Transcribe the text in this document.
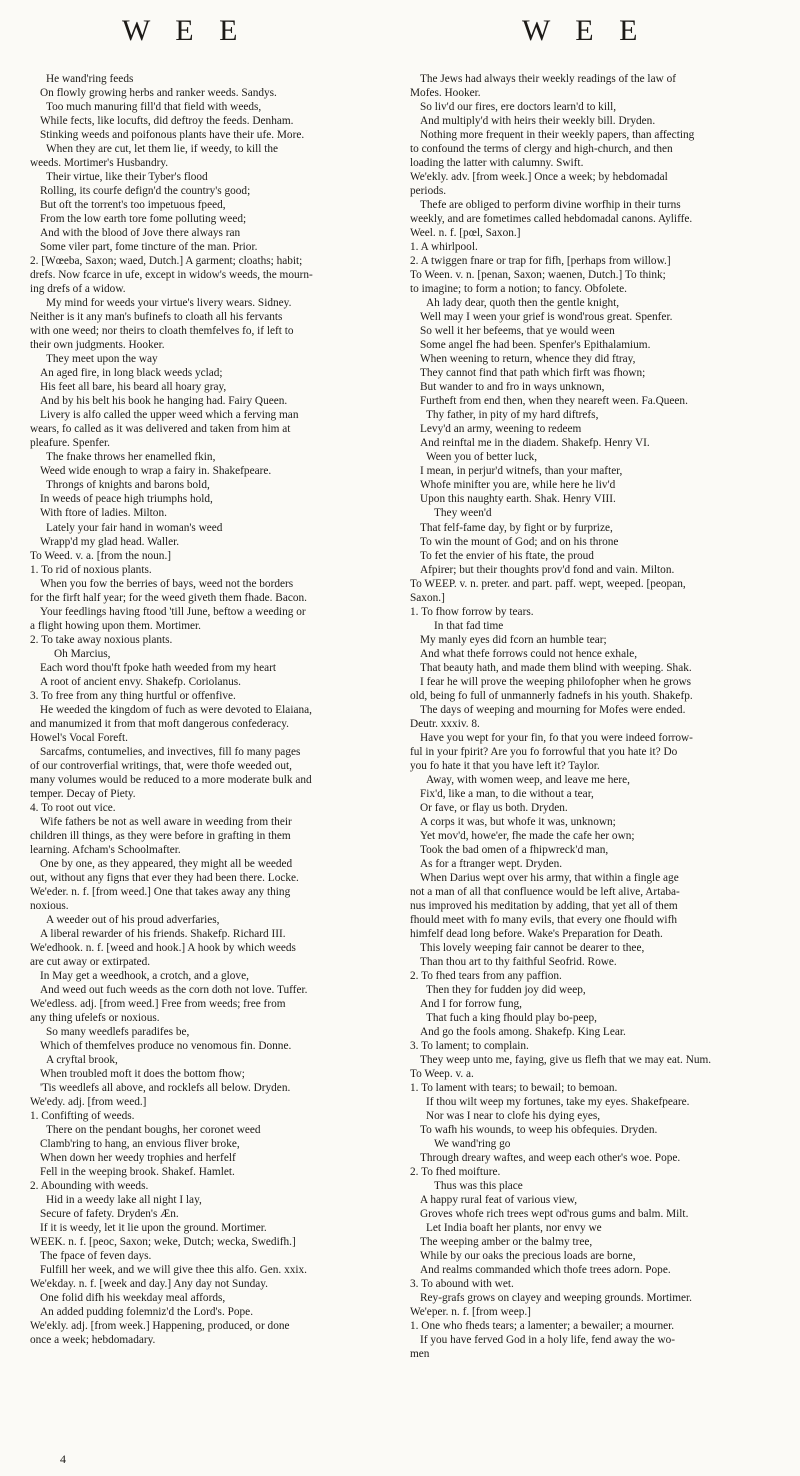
W E E	W E E
He wand'ring feeds
On flowly growing herbs and ranker weeds. Sandys.
Too much manuring fill'd that field with weeds,
While fects, like locufts, did deftroy the feeds. Denham.
Stinking weeds and poifonous plants have their ufe. More.
When they are cut, let them lie, if weedy, to kill the
weeds. Mortimer's Husbandry.
Their virtue, like their Tyber's flood
Rolling, its courfe defign'd the country's good;
But oft the torrent's too impetuous fpeed,
From the low earth tore fome polluting weed;
And with the blood of Jove there always ran
Some viler part, fome tincture of the man. Prior.
2. [Wœeba, Saxon; waed, Dutch.] A garment; cloaths; habit;
drefs. Now fcarce in ufe, except in widow's weeds, the mourn-
ing drefs of a widow.
My mind for weeds your virtue's livery wears. Sidney.
Neither is it any man's bufinefs to cloath all his fervants
with one weed; nor theirs to cloath themfelves fo, if left to
their own judgments. Hooker.
They meet upon the way
An aged fire, in long black weeds yclad;
His feet all bare, his beard all hoary gray,
And by his belt his book he hanging had. Fairy Queen.
Livery is alfo called the upper weed which a ferving man
wears, fo called as it was delivered and taken from him at
pleafure. Spenfer.
The fnake throws her enamelled fkin,
Weed wide enough to wrap a fairy in. Shakefpeare.
Throngs of knights and barons bold,
In weeds of peace high triumphs hold,
With ftore of ladies. Milton.
Lately your fair hand in woman's weed
Wrapp'd my glad head. Waller.
To Weed. v. a. [from the noun.]
1. To rid of noxious plants.
When you fow the berries of bays, weed not the borders
for the firft half year; for the weed giveth them fhade. Bacon.
Your feedlings having ftood 'till June, beftow a weeding or
a flight howing upon them. Mortimer.
2. To take away noxious plants.
Oh Marcius,
Each word thou'ft fpoke hath weeded from my heart
A root of ancient envy. Shakefp. Coriolanus.
3. To free from any thing hurtful or offenfive.
He weeded the kingdom of fuch as were devoted to Elaiana,
and manumized it from that moft dangerous confederacy.
Howel's Vocal Foreft.
Sarcafms, contumelies, and invectives, fill fo many pages
of our controverfial writings, that, were thofe weeded out,
many volumes would be reduced to a more moderate bulk and
temper. Decay of Piety.
4. To root out vice.
Wife fathers be not as well aware in weeding from their
children ill things, as they were before in grafting in them
learning. Afcham's Schoolmafter.
One by one, as they appeared, they might all be weeded
out, without any figns that ever they had been there. Locke.
We'eder. n. f. [from weed.] One that takes away any thing
noxious.
A weeder out of his proud adverfaries,
A liberal rewarder of his friends. Shakefp. Richard III.
We'edhook. n. f. [weed and hook.] A hook by which weeds
are cut away or extirpated.
In May get a weedhook, a crotch, and a glove,
And weed out fuch weeds as the corn doth not love. Tuffer.
We'edless. adj. [from weed.] Free from weeds; free from
any thing ufelefs or noxious.
So many weedlefs paradifes be,
Which of themfelves produce no venomous fin. Donne.
A cryftal brook,
When troubled moft it does the bottom fhow;
'Tis weedlefs all above, and rocklefs all below. Dryden.
We'edy. adj. [from weed.]
1. Confifting of weeds.
There on the pendant boughs, her coronet weed
Clamb'ring to hang, an envious fliver broke,
When down her weedy trophies and herfelf
Fell in the weeping brook. Shakef. Hamlet.
2. Abounding with weeds.
Hid in a weedy lake all night I lay,
Secure of fafety. Dryden's Æn.
If it is weedy, let it lie upon the ground. Mortimer.
WEEK. n. f. [peoc, Saxon; weke, Dutch; wecka, Swedifh.]
The fpace of feven days.
Fulfill her week, and we will give thee this alfo. Gen. xxix.
We'ekday. n. f. [week and day.] Any day not Sunday.
One folid difh his weekday meal affords,
An added pudding folemniz'd the Lord's. Pope.
We'ekly. adj. [from week.] Happening, produced, or done
once a week; hebdomadary.
The Jews had always their weekly readings of the law of
Mofes. Hooker.
So liv'd our fires, ere doctors learn'd to kill,
And multiply'd with heirs their weekly bill. Dryden.
Nothing more frequent in their weekly papers, than affecting
to confound the terms of clergy and high-church, and then
loading the latter with calumny. Swift.
We'ekly. adv. [from week.] Once a week; by hebdomadal
periods.
Thefe are obliged to perform divine worfhip in their turns
weekly, and are fometimes called hebdomadal canons. Ayliffe.
Weel. n. f. [pœl, Saxon.]
1. A whirlpool.
2. A twiggen fnare or trap for fifh, [perhaps from willow.]
To Ween. v. n. [penan, Saxon; waenen, Dutch.] To think;
to imagine; to form a notion; to fancy. Obfolete.
Ah lady dear, quoth then the gentle knight,
Well may I ween your grief is wond'rous great. Spenfer.
So well it her befeems, that ye would ween
Some angel fhe had been. Spenfer's Epithalamium.
When weening to return, whence they did ftray,
They cannot find that path which firft was fhown;
But wander to and fro in ways unknown,
Furtheft from end then, when they neareft ween. Fa.Queen.
Thy father, in pity of my hard diftrefs,
Levy'd an army, weening to redeem
And reinftal me in the diadem. Shakefp. Henry VI.
Ween you of better luck,
I mean, in perjur'd witnefs, than your mafter,
Whofe minifter you are, while here he liv'd
Upon this naughty earth. Shak. Henry VIII.
They ween'd
That felf-fame day, by fight or by furprize,
To win the mount of God; and on his throne
To fet the envier of his ftate, the proud
Afpirer; but their thoughts prov'd fond and vain. Milton.
To WEEP. v. n. preter. and part. paff. wept, weeped. [peopan,
Saxon.]
1. To fhow forrow by tears.
In that fad time
My manly eyes did fcorn an humble tear;
And what thefe forrows could not hence exhale,
That beauty hath, and made them blind with weeping. Shak.
I fear he will prove the weeping philofopher when he grows
old, being fo full of unmannerly fadnefs in his youth. Shakefp.
The days of weeping and mourning for Mofes were ended.
Deutr. xxxiv. 8.
Have you wept for your fin, fo that you were indeed forrow-
ful in your fpirit? Are you fo forrowful that you hate it? Do
you fo hate it that you have left it? Taylor.
Away, with women weep, and leave me here,
Fix'd, like a man, to die without a tear,
Or fave, or flay us both. Dryden.
A corps it was, but whofe it was, unknown;
Yet mov'd, howe'er, fhe made the cafe her own;
Took the bad omen of a fhipwreck'd man,
As for a ftranger wept. Dryden.
When Darius wept over his army, that within a fingle age
not a man of all that confluence would be left alive, Artaba-
nus improved his meditation by adding, that yet all of them
fhould meet with fo many evils, that every one fhould wifh
himfelf dead long before. Wake's Preparation for Death.
This lovely weeping fair cannot be dearer to thee,
Than thou art to thy faithful Seofrid. Rowe.
2. To fhed tears from any paffion.
Then they for fudden joy did weep,
And I for forrow fung,
That fuch a king fhould play bo-peep,
And go the fools among. Shakefp. King Lear.
3. To lament; to complain.
They weep unto me, faying, give us flefh that we may eat. Num.
To Weep. v. a.
1. To lament with tears; to bewail; to bemoan.
If thou wilt weep my fortunes, take my eyes. Shakefpeare.
Nor was I near to clofe his dying eyes,
To wafh his wounds, to weep his obfequies. Dryden.
We wand'ring go
Through dreary waftes, and weep each other's woe. Pope.
2. To fhed moifture.
Thus was this place
A happy rural feat of various view,
Groves whofe rich trees wept od'rous gums and balm. Milt.
Let India boaft her plants, nor envy we
The weeping amber or the balmy tree,
While by our oaks the precious loads are borne,
And realms commanded which thofe trees adorn. Pope.
3. To abound with wet.
Rey-grafs grows on clayey and weeping grounds. Mortimer.
We'eper. n. f. [from weep.]
1. One who fheds tears; a lamenter; a bewailer; a mourner.
If you have ferved God in a holy life, fend away the wo-
men
4
